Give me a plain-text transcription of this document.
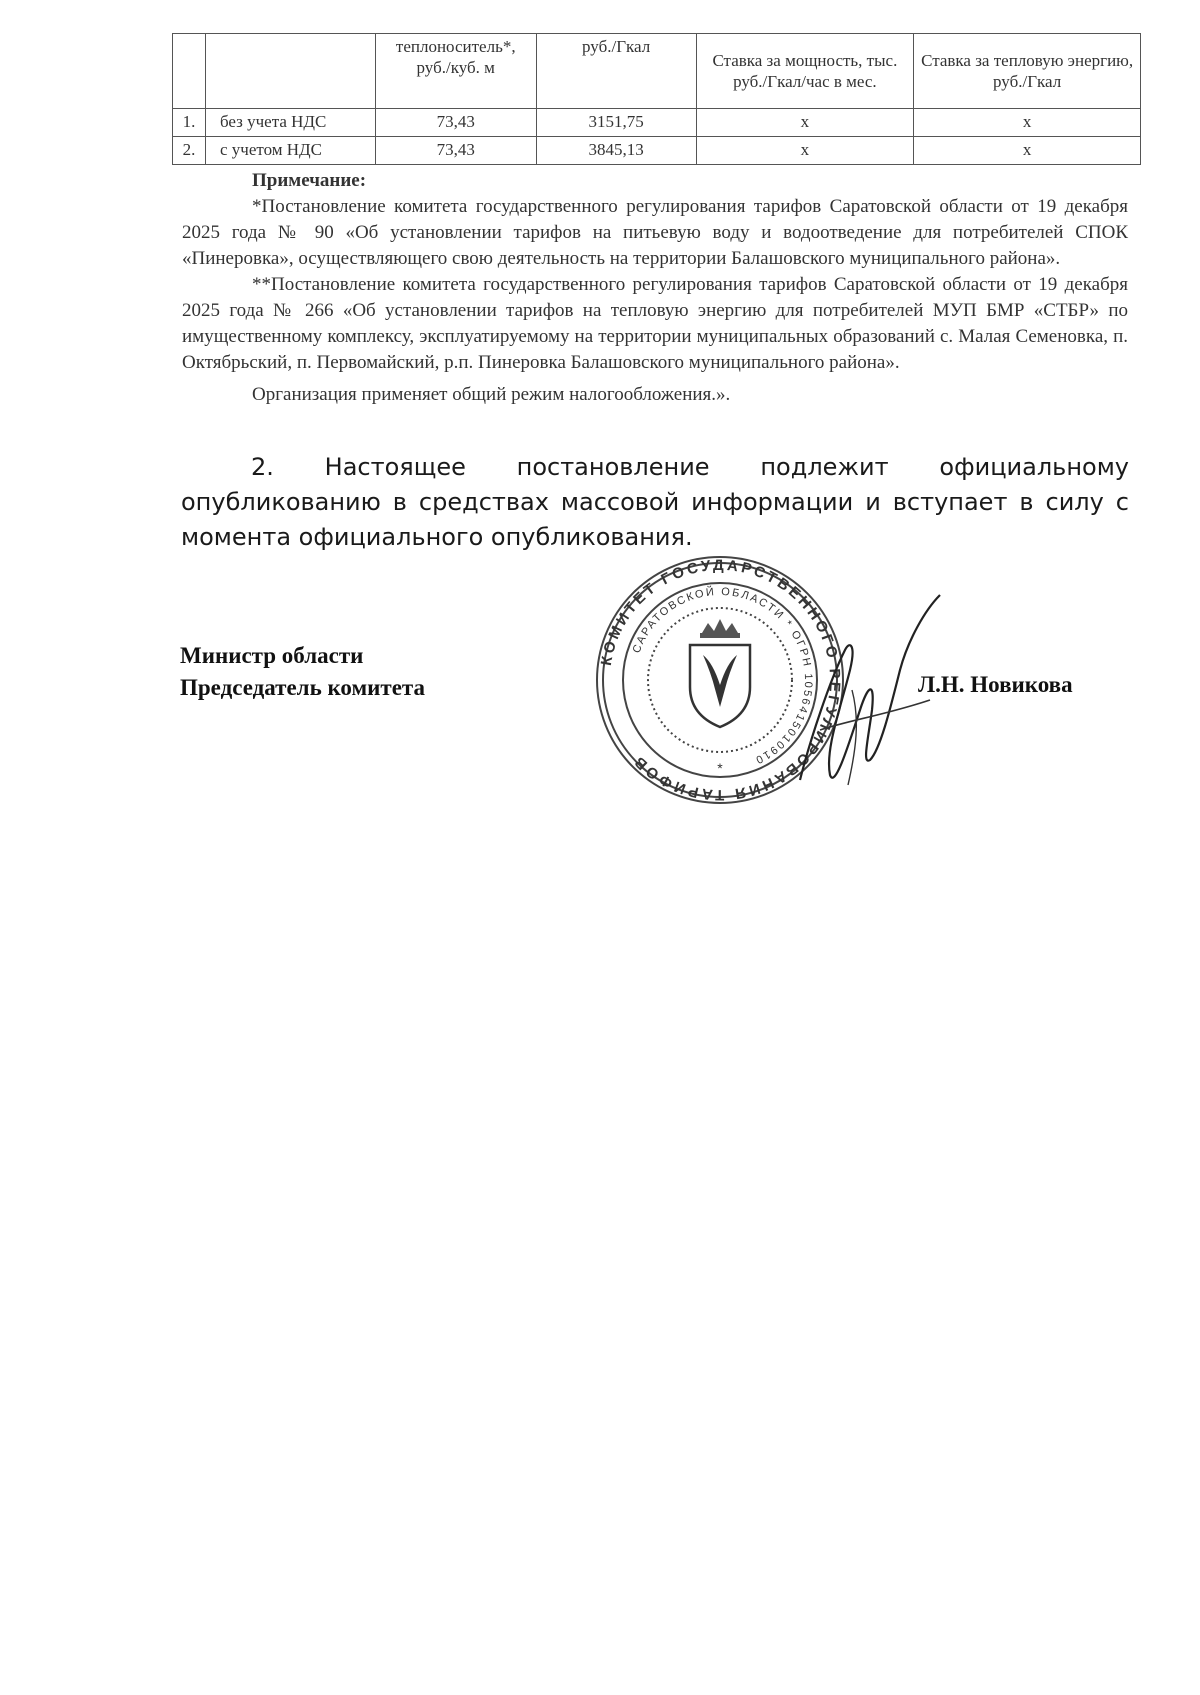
		теплоноситель*, руб./куб. м	руб./Гкал	Ставка за мощность, тыс. руб./Гкал/час в мес.	Ставка за тепловую энергию, руб./Гкал
1.	без учета НДС	73,43	3151,75	x	x
2.	с учетом НДС	73,43	3845,13	x	x
Примечание:
*Постановление комитета государственного регулирования тарифов Саратовской области от 19 декабря 2025 года № 90 «Об установлении тарифов на питьевую воду и водоотведение для потребителей СПОК «Пинеровка», осуществляющего свою деятельность на территории Балашовского муниципального района».
**Постановление комитета государственного регулирования тарифов Саратовской области от 19 декабря 2025 года № 266 «Об установлении тарифов на тепловую энергию для потребителей МУП БМР «СТБР» по имущественному комплексу, эксплуатируемому на территории муниципальных образований с. Малая Семеновка, п. Октябрьский, п. Первомайский, р.п. Пинеровка Балашовского муниципального района».
Организация применяет общий режим налогообложения.».
2. Настоящее постановление подлежит официальному опубликованию в средствах массовой информации и вступает в силу с момента официального опубликования.
Министр области
Председатель комитета
КОМИТЕТ ГОСУДАРСТВЕННОГО РЕГУЛИРОВАНИЯ ТАРИФОВ
САРАТОВСКОЙ ОБЛАСТИ * ОГРН 1056415010910
*
Л.Н. Новикова
